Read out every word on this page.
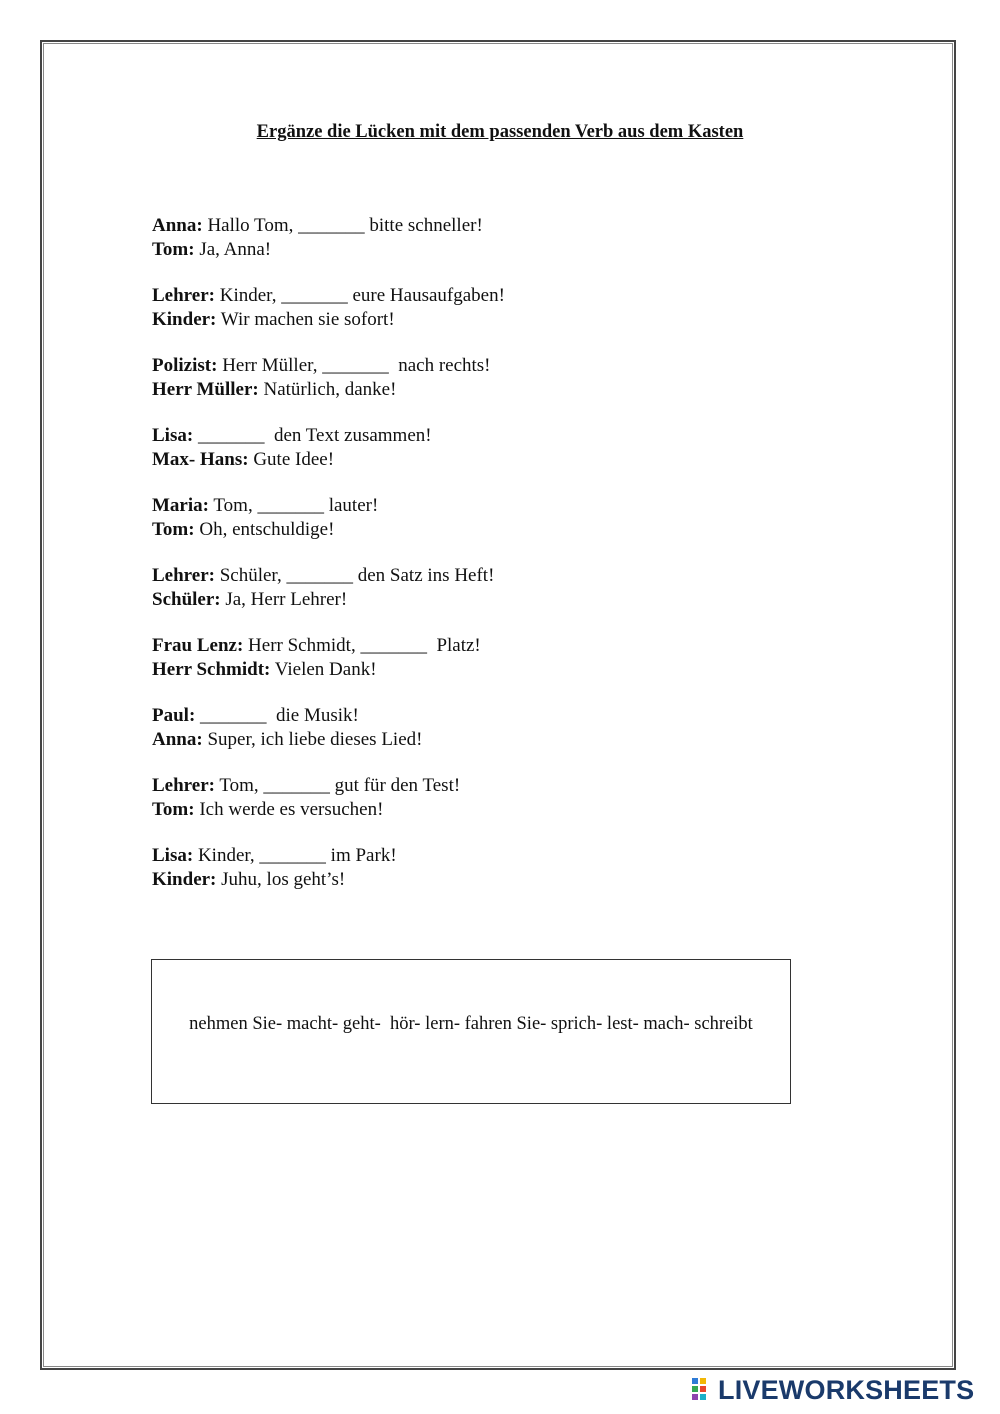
Ergänze die Lücken mit dem passenden Verb aus dem Kasten
Anna: Hallo Tom, _______ bitte schneller!
Tom: Ja, Anna!
Lehrer: Kinder, _______ eure Hausaufgaben!
Kinder: Wir machen sie sofort!
Polizist: Herr Müller, _______  nach rechts!
Herr Müller: Natürlich, danke!
Lisa: _______  den Text zusammen!
Max- Hans: Gute Idee!
Maria: Tom, _______ lauter!
Tom: Oh, entschuldige!
Lehrer: Schüler, _______ den Satz ins Heft!
Schüler: Ja, Herr Lehrer!
Frau Lenz: Herr Schmidt, _______  Platz!
Herr Schmidt: Vielen Dank!
Paul: _______  die Musik!
Anna: Super, ich liebe dieses Lied!
Lehrer: Tom, _______ gut für den Test!
Tom: Ich werde es versuchen!
Lisa: Kinder, _______ im Park!
Kinder: Juhu, los geht’s!
nehmen Sie- macht- geht-  hör- lern- fahren Sie- sprich- lest- mach- schreibt
LIVEWORKSHEETS
